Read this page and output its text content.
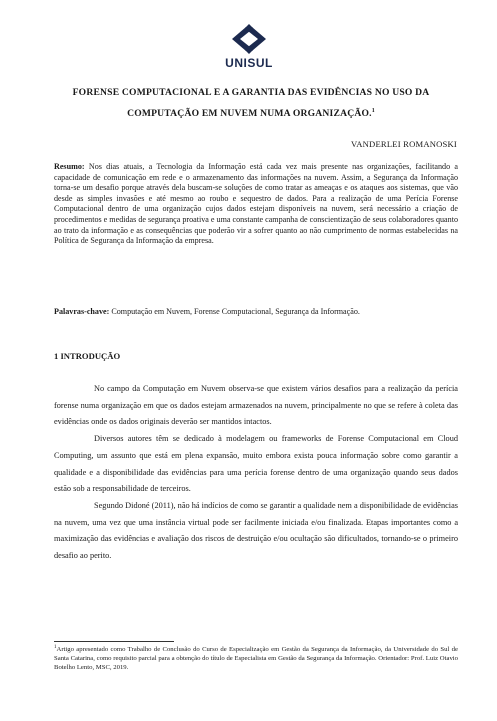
UNISUL
FORENSE COMPUTACIONAL E A GARANTIA DAS EVIDÊNCIAS NO USO DA
COMPUTAÇÃO EM NUVEM NUMA ORGANIZAÇÃO.$^1$
VANDERLEI ROMANOSKI
Resumo: Nos dias atuais, a Tecnologia da Informação está cada vez mais presente nas organizações, facilitando a capacidade de comunicação em rede e o armazenamento das informações na nuvem. Assim, a Segurança da Informação torna-se um desafio porque através dela buscam-se soluções de como tratar as ameaças e os ataques aos sistemas, que vão desde as simples invasões e até mesmo ao roubo e sequestro de dados. Para a realização de uma Perícia Forense Computacional dentro de uma organização cujos dados estejam disponíveis na nuvem, será necessário a criação de procedimentos e medidas de segurança proativa e uma constante campanha de conscientização de seus colaboradores quanto ao trato da informação e as consequências que poderão vir a sofrer quanto ao não cumprimento de normas estabelecidas na Política de Segurança da Informação da empresa.
Palavras-chave: Computação em Nuvem, Forense Computacional, Segurança da Informação.
1 INTRODUÇÃO

No campo da Computação em Nuvem observa-se que existem vários desafios para a realização da perícia forense numa organização em que os dados estejam armazenados na nuvem, principalmente no que se refere à coleta das evidências onde os dados originais deverão ser mantidos intactos.

Diversos autores têm se dedicado à modelagem ou frameworks de Forense Computacional em Cloud Computing, um assunto que está em plena expansão, muito embora exista pouca informação sobre como garantir a qualidade e a disponibilidade das evidências para uma perícia forense dentro de uma organização quando seus dados estão sob a responsabilidade de terceiros.

Segundo Didoné (2011), não há indícios de como se garantir a qualidade nem a disponibilidade de evidências na nuvem, uma vez que uma instância virtual pode ser facilmente iniciada e/ou finalizada. Etapas importantes como a maximização das evidências e avaliação dos riscos de destruição e/ou ocultação são dificultados, tornando-se o primeiro desafio ao perito.

$^1$Artigo apresentado como Trabalho de Conclusão do Curso de Especialização em Gestão da Segurança da Informação, da Universidade do Sul de Santa Catarina, como requisito parcial para a obtenção do título de Especialista em Gestão da Segurança da Informação. Orientador: Prof. Luiz Otavio Botelho Lento, MSC, 2019.
